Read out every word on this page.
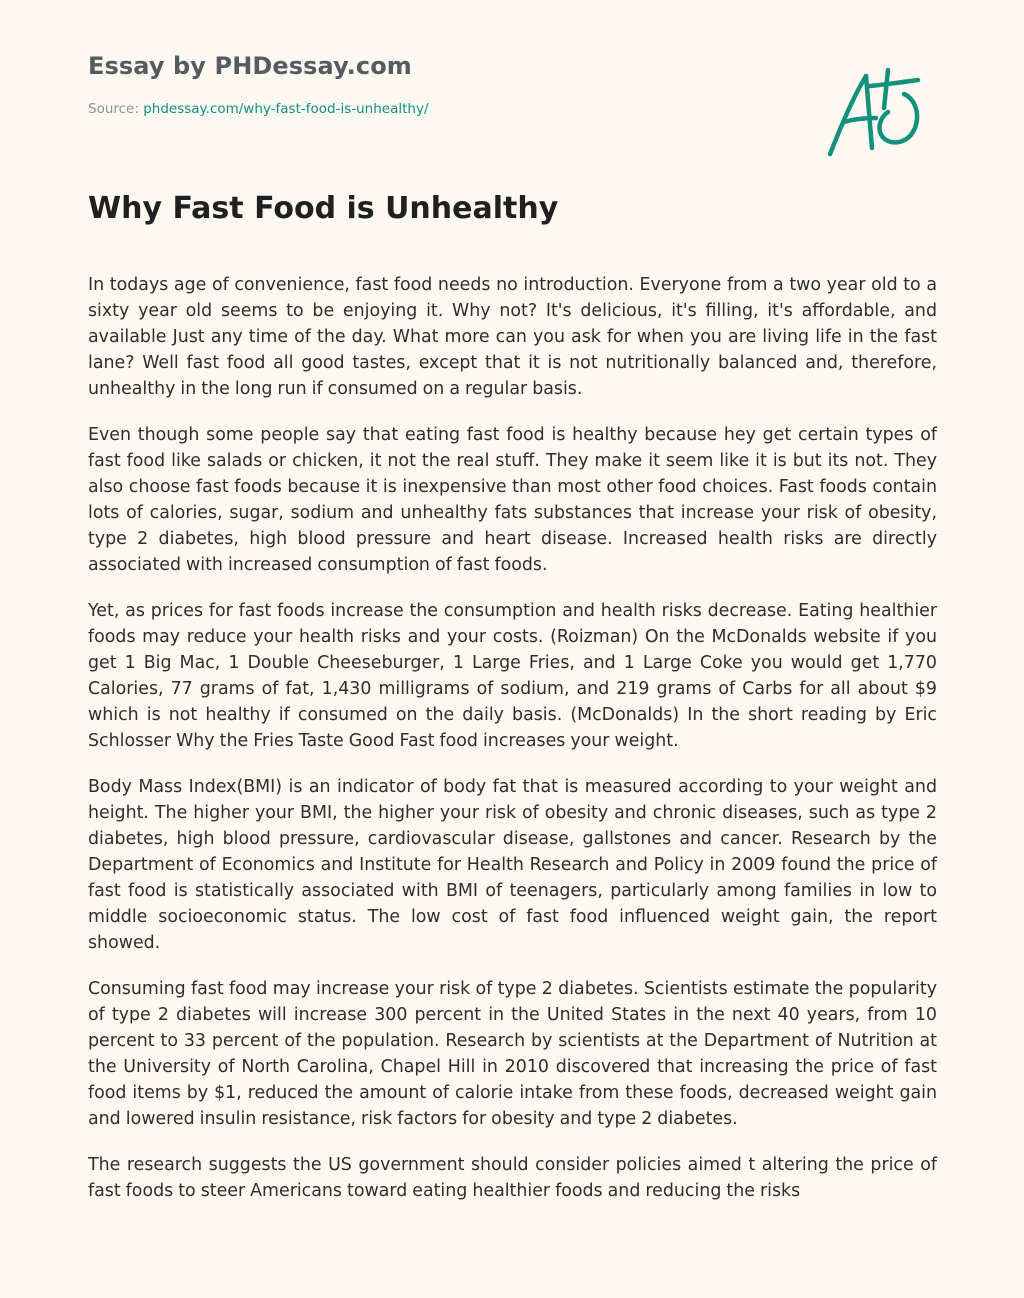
Essay by PHDessay.com
Source: phdessay.com/why-fast-food-is-unhealthy/
Why Fast Food is Unhealthy

In todays age of convenience, fast food needs no introduction. Everyone from a two year old to a sixty year old seems to be enjoying it. Why not? It's delicious, it's filling, it's affordable, and available Just any time of the day. What more can you ask for when you are living life in the fast lane? Well fast food all good tastes, except that it is not nutritionally balanced and, therefore, unhealthy in the long run if consumed on a regular basis.

Even though some people say that eating fast food is healthy because hey get certain types of fast food like salads or chicken, it not the real stuff. They make it seem like it is but its not. They also choose fast foods because it is inexpensive than most other food choices. Fast foods contain lots of calories, sugar, sodium and unhealthy fats substances that increase your risk of obesity, type 2 diabetes, high blood pressure and heart disease. Increased health risks are directly associated with increased consumption of fast foods.

Yet, as prices for fast foods increase the consumption and health risks decrease. Eating healthier foods may reduce your health risks and your costs. (Roizman) On the McDonalds website if you get 1 Big Mac, 1 Double Cheeseburger, 1 Large Fries, and 1 Large Coke you would get 1,770 Calories, 77 grams of fat, 1,430 milligrams of sodium, and 219 grams of Carbs for all about $9 which is not healthy if consumed on the daily basis. (McDonalds) In the short reading by Eric Schlosser Why the Fries Taste Good Fast food increases your weight.

Body Mass Index(BMI) is an indicator of body fat that is measured according to your weight and height. The higher your BMI, the higher your risk of obesity and chronic diseases, such as type 2 diabetes, high blood pressure, cardiovascular disease, gallstones and cancer. Research by the Department of Economics and Institute for Health Research and Policy in 2009 found the price of fast food is statistically associated with BMI of teenagers, particularly among families in low to middle socioeconomic status. The low cost of fast food influenced weight gain, the report showed.

Consuming fast food may increase your risk of type 2 diabetes. Scientists estimate the popularity of type 2 diabetes will increase 300 percent in the United States in the next 40 years, from 10 percent to 33 percent of the population. Research by scientists at the Department of Nutrition at the University of North Carolina, Chapel Hill in 2010 discovered that increasing the price of fast food items by $1, reduced the amount of calorie intake from these foods, decreased weight gain and lowered insulin resistance, risk factors for obesity and type 2 diabetes.

The research suggests the US government should consider policies aimed t altering the price of fast foods to steer Americans toward eating healthier foods and reducing the risks
